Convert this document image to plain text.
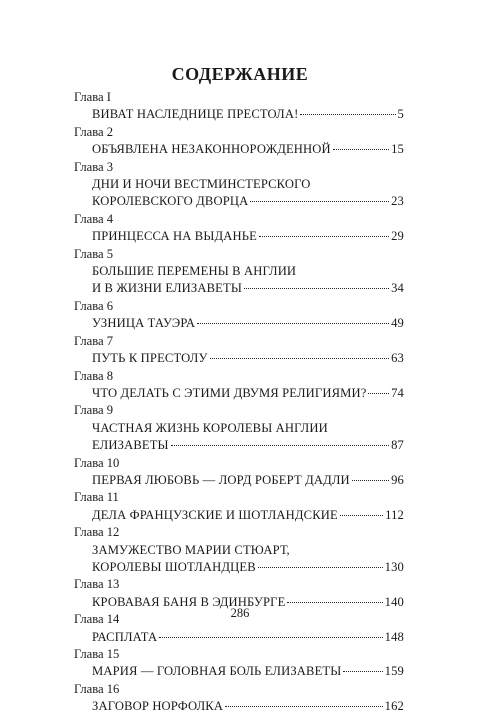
СОДЕРЖАНИЕ
Глава I
ВИВАТ НАСЛЕДНИЦЕ ПРЕСТОЛА!	5
Глава 2
ОБЪЯВЛЕНА НЕЗАКОННОРОЖДЕННОЙ	15
Глава 3
ДНИ И НОЧИ ВЕСТМИНСТЕРСКОГО
КОРОЛЕВСКОГО ДВОРЦА	23
Глава 4
ПРИНЦЕССА НА ВЫДАНЬЕ	29
Глава 5
БОЛЬШИЕ ПЕРЕМЕНЫ В АНГЛИИ
И В ЖИЗНИ ЕЛИЗАВЕТЫ	34
Глава 6
УЗНИЦА ТАУЭРА	49
Глава 7
ПУТЬ К ПРЕСТОЛУ	63
Глава 8
ЧТО ДЕЛАТЬ С ЭТИМИ ДВУМЯ РЕЛИГИЯМИ? 74
Глава 9
ЧАСТНАЯ ЖИЗНЬ КОРОЛЕВЫ АНГЛИИ
ЕЛИЗАВЕТЫ	87
Глава 10
ПЕРВАЯ ЛЮБОВЬ — ЛОРД РОБЕРТ ДАДЛИ	96
Глава 11
ДЕЛА ФРАНЦУЗСКИЕ И ШОТЛАНДСКИЕ	112
Глава 12
ЗАМУЖЕСТВО МАРИИ СТЮАРТ,
КОРОЛЕВЫ ШОТЛАНДЦЕВ	130
Глава 13
КРОВАВАЯ БАНЯ В ЭДИНБУРГЕ	140
Глава 14
РАСПЛАТА	148
Глава 15
МАРИЯ — ГОЛОВНАЯ БОЛЬ ЕЛИЗАВЕТЫ	159
Глава 16
ЗАГОВОР НОРФОЛКА	162
286
